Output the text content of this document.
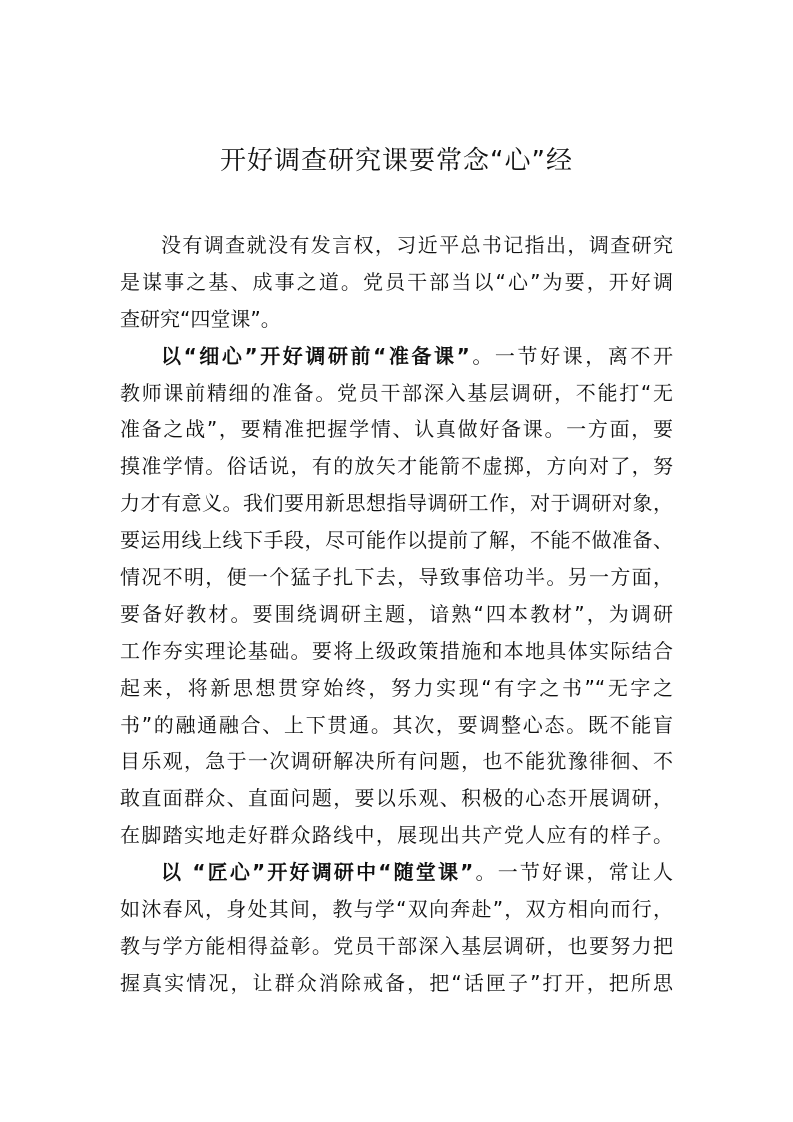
开好调查研究课要常念“心”经
没有调查就没有发言权，习近平总书记指出，调查研究
是谋事之基、成事之道。党员干部当以“心”为要，开好调
查研究“四堂课”。
以“细心”开好调研前“准备课”。一节好课，离不开
教师课前精细的准备。党员干部深入基层调研，不能打“无
准备之战”，要精准把握学情、认真做好备课。一方面，要
摸准学情。俗话说，有的放矢才能箭不虚掷，方向对了，努
力才有意义。我们要用新思想指导调研工作，对于调研对象，
要运用线上线下手段，尽可能作以提前了解，不能不做准备、
情况不明，便一个猛子扎下去，导致事倍功半。另一方面，
要备好教材。要围绕调研主题，谙熟“四本教材”，为调研
工作夯实理论基础。要将上级政策措施和本地具体实际结合
起来，将新思想贯穿始终，努力实现“有字之书”“无字之
书”的融通融合、上下贯通。其次，要调整心态。既不能盲
目乐观，急于一次调研解决所有问题，也不能犹豫徘徊、不
敢直面群众、直面问题，要以乐观、积极的心态开展调研，
在脚踏实地走好群众路线中，展现出共产党人应有的样子。
以 “匠心”开好调研中“随堂课”。一节好课，常让人
如沐春风，身处其间，教与学“双向奔赴”，双方相向而行，
教与学方能相得益彰。党员干部深入基层调研，也要努力把
握真实情况，让群众消除戒备，把“话匣子”打开，把所思
